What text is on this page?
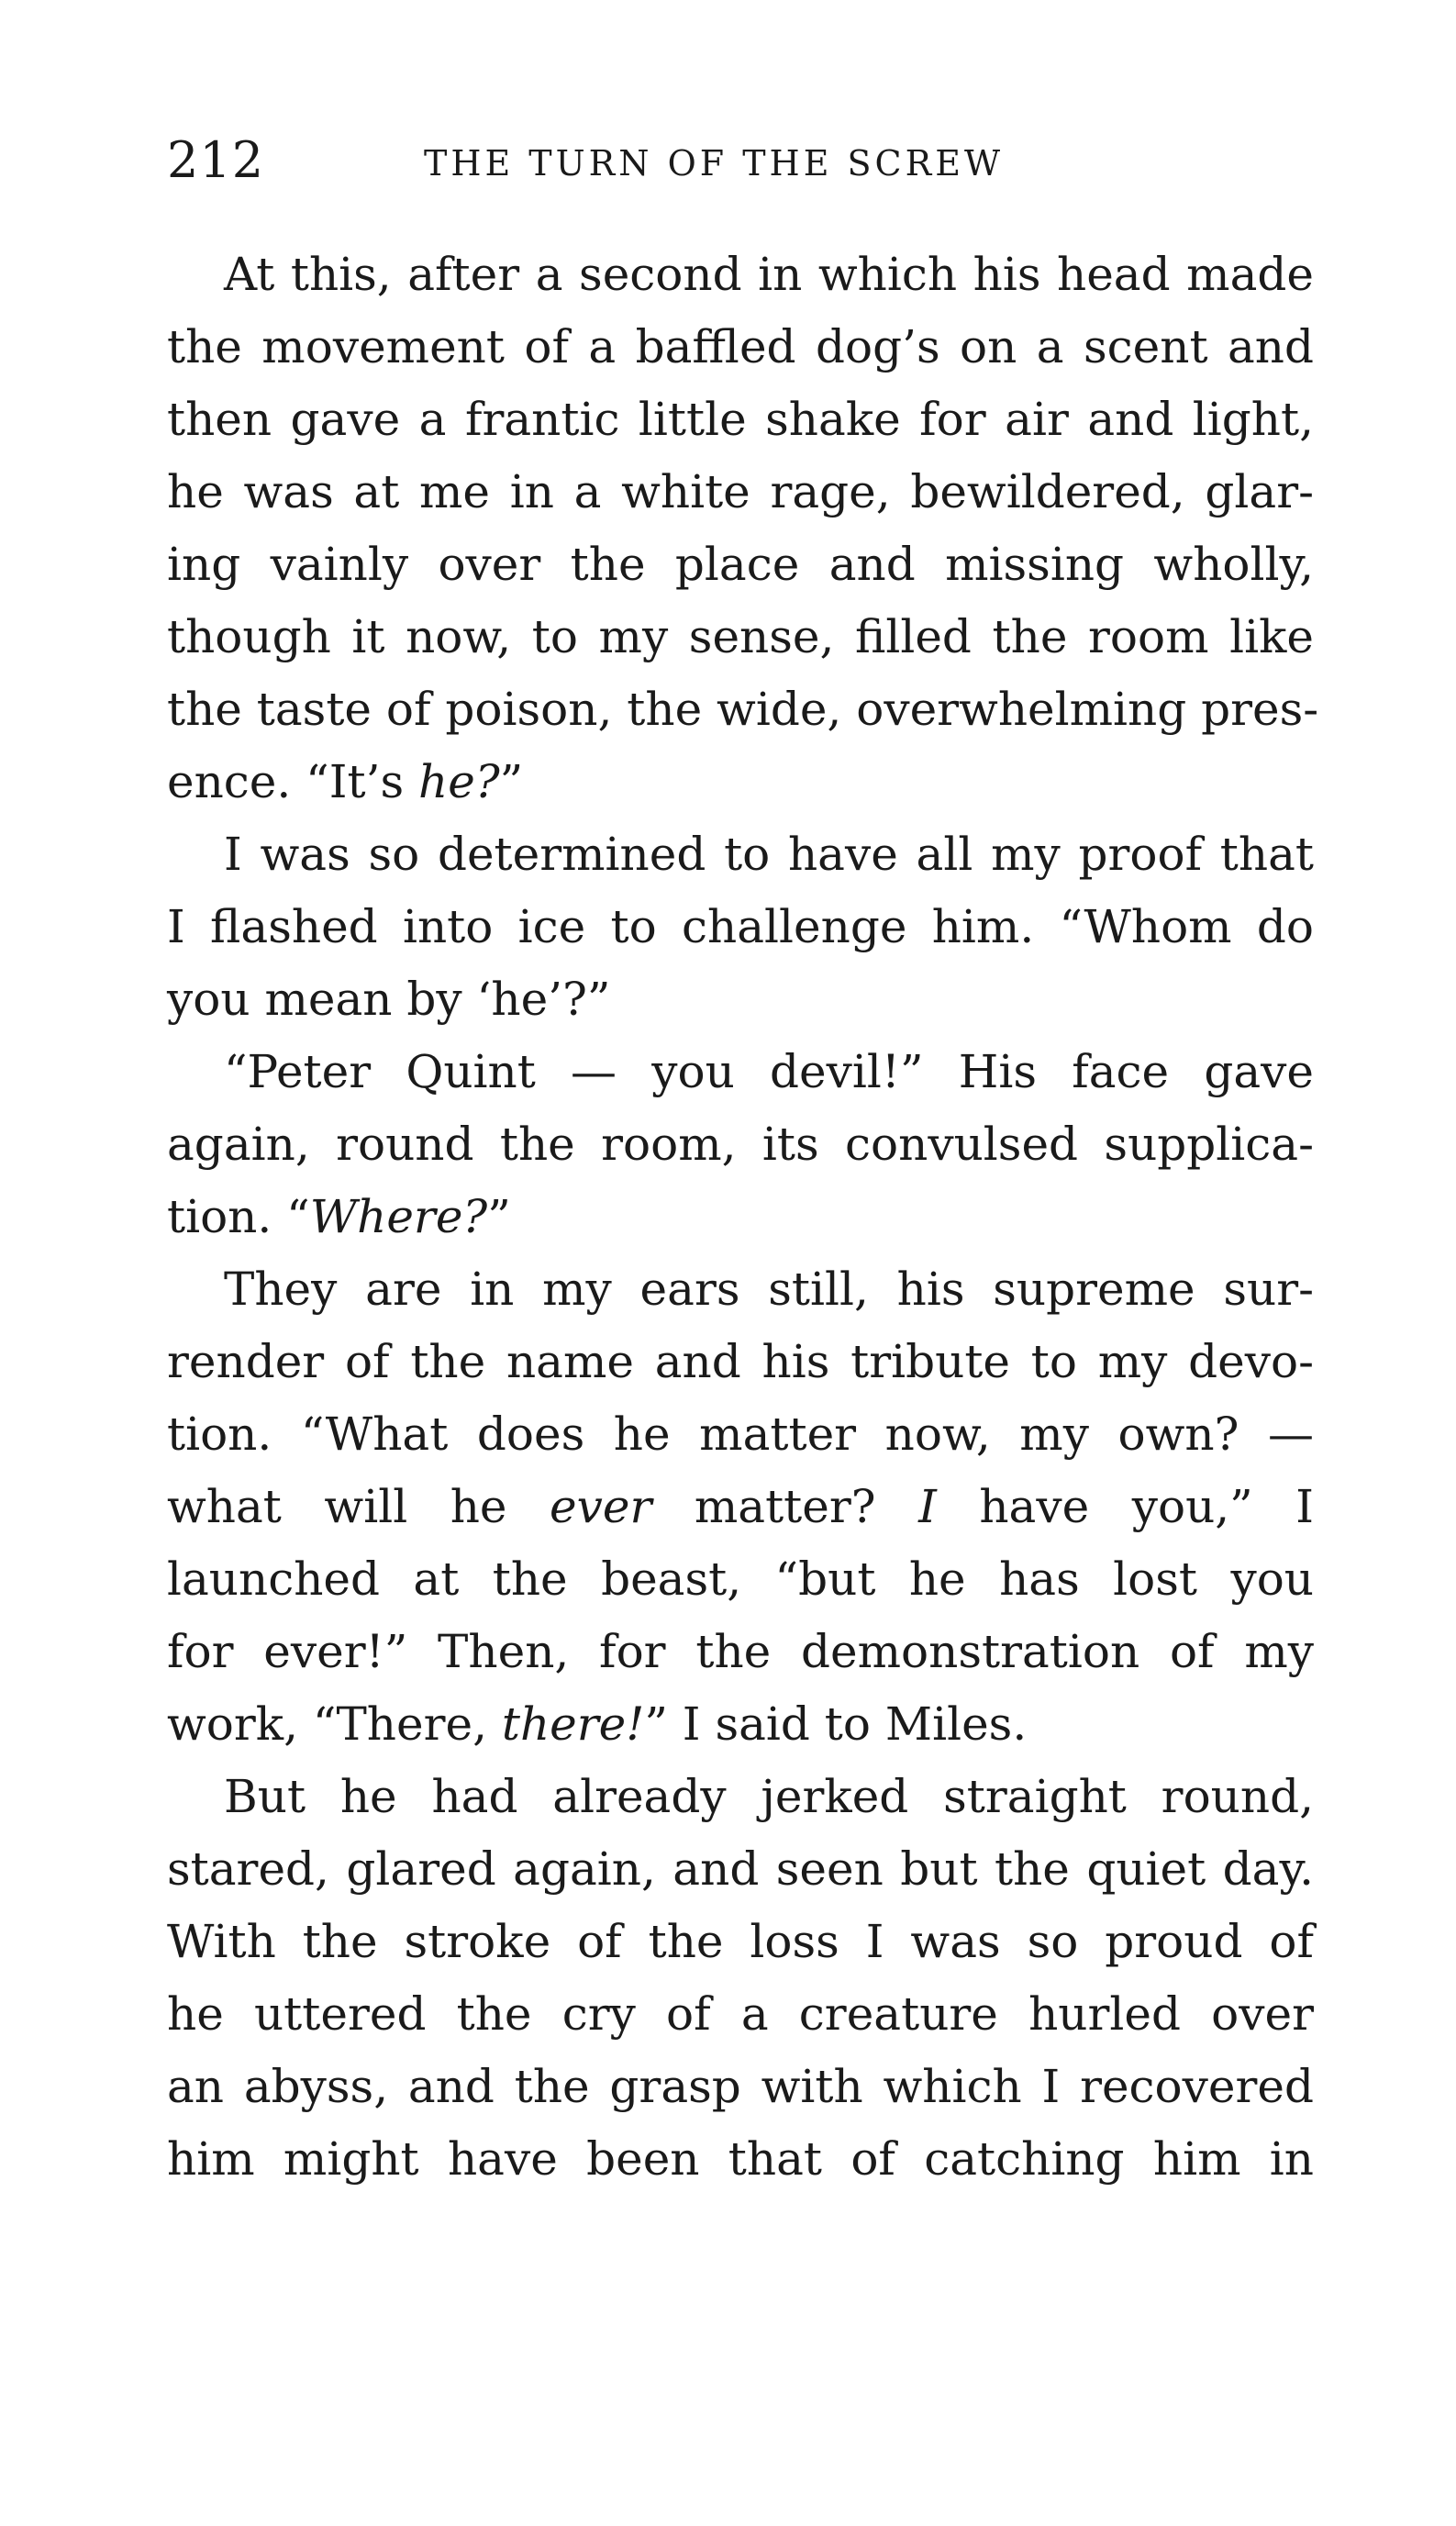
212	THE TURN OF THE SCREW
At this, after a second in which his head made
the movement of a baffled dog’s on a scent and
then gave a frantic little shake for air and light,
he was at me in a white rage, bewildered, glar-
ing vainly over the place and missing wholly,
though it now, to my sense, filled the room like
the taste of poison, the wide, overwhelming pres-
ence. “It’s he?”
I was so determined to have all my proof that
I flashed into ice to challenge him. “Whom do
you mean by ‘he’?”
“Peter Quint — you devil!” His face gave
again, round the room, its convulsed supplica-
tion. “Where?”
They are in my ears still, his supreme sur-
render of the name and his tribute to my devo-
tion. “What does he matter now, my own? —
what will he ever matter? I have you,” I
launched at the beast, “but he has lost you
for ever!” Then, for the demonstration of my
work, “There, there!” I said to Miles.
But he had already jerked straight round,
stared, glared again, and seen but the quiet day.
With the stroke of the loss I was so proud of
he uttered the cry of a creature hurled over
an abyss, and the grasp with which I recovered
him might have been that of catching him in
